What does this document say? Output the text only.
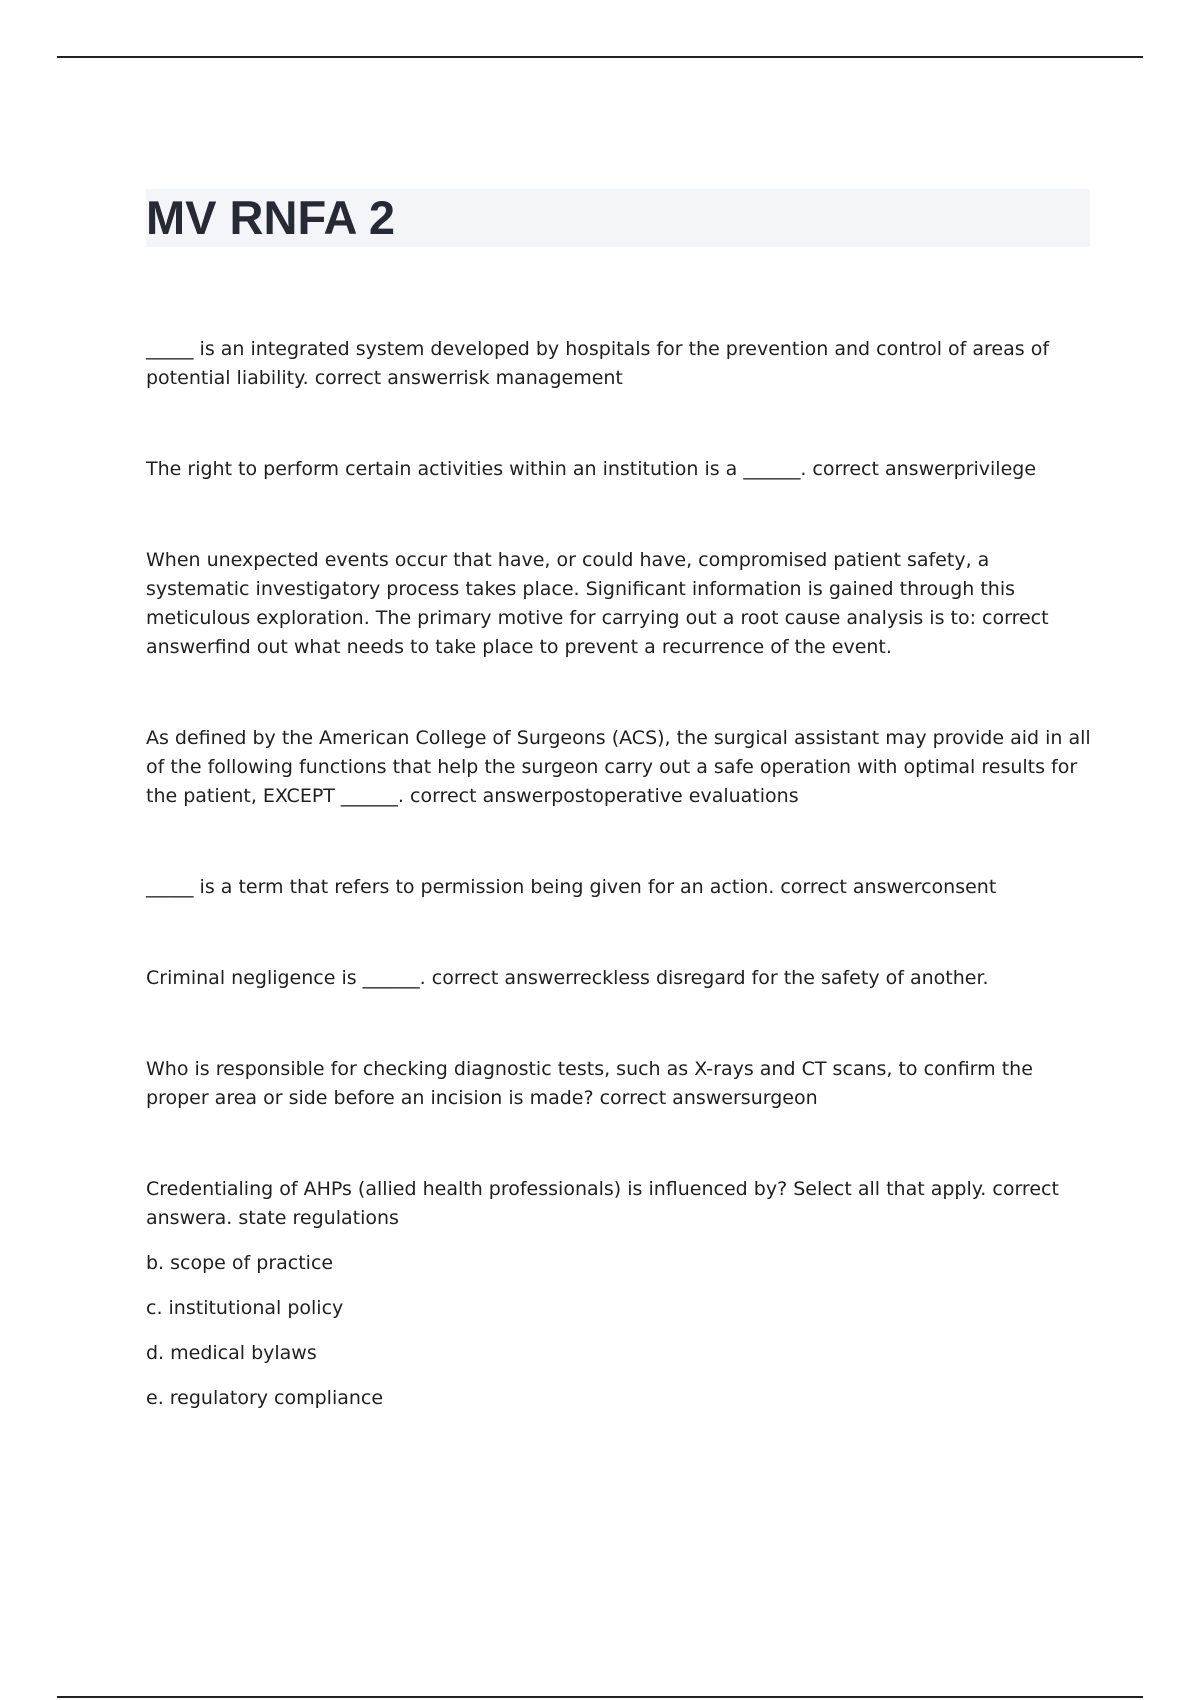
MV RNFA 2

_____ is an integrated system developed by hospitals for the prevention and control of areas of potential liability. correct answerrisk management

The right to perform certain activities within an institution is a ______. correct answerprivilege

When unexpected events occur that have, or could have, compromised patient safety, a systematic investigatory process takes place. Significant information is gained through this meticulous exploration. The primary motive for carrying out a root cause analysis is to: correct answerfind out what needs to take place to prevent a recurrence of the event.

As defined by the American College of Surgeons (ACS), the surgical assistant may provide aid in all of the following functions that help the surgeon carry out a safe operation with optimal results for the patient, EXCEPT ______. correct answerpostoperative evaluations

_____ is a term that refers to permission being given for an action. correct answerconsent

Criminal negligence is ______. correct answerreckless disregard for the safety of another.

Who is responsible for checking diagnostic tests, such as X-rays and CT scans, to confirm the proper area or side before an incision is made? correct answersurgeon

Credentialing of AHPs (allied health professionals) is influenced by? Select all that apply. correct answera. state regulations

b. scope of practice

c. institutional policy

d. medical bylaws

e. regulatory compliance
